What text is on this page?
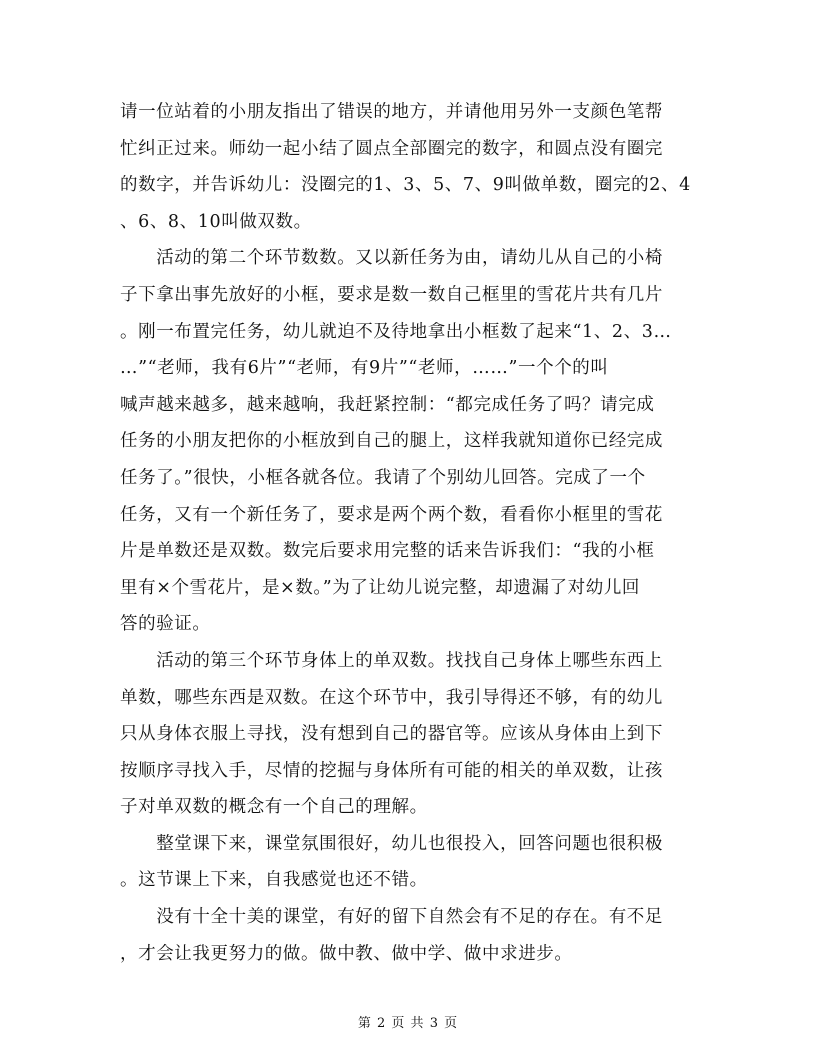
请一位站着的小朋友指出了错误的地方，并请他用另外一支颜色笔帮
忙纠正过来。师幼一起小结了圆点全部圈完的数字，和圆点没有圈完
的数字，并告诉幼儿：没圈完的1、3、5、7、9叫做单数，圈完的2、4
、6、8、10叫做双数。
　　活动的第二个环节数数。又以新任务为由，请幼儿从自己的小椅
子下拿出事先放好的小框，要求是数一数自己框里的雪花片共有几片
。刚一布置完任务，幼儿就迫不及待地拿出小框数了起来“1、2、3…
…”“老师，我有6片”“老师，有9片”“老师，……”一个个的叫
喊声越来越多，越来越响，我赶紧控制：“都完成任务了吗？请完成
任务的小朋友把你的小框放到自己的腿上，这样我就知道你已经完成
任务了。”很快，小框各就各位。我请了个别幼儿回答。完成了一个
任务，又有一个新任务了，要求是两个两个数，看看你小框里的雪花
片是单数还是双数。数完后要求用完整的话来告诉我们：“我的小框
里有×个雪花片，是×数。”为了让幼儿说完整，却遗漏了对幼儿回
答的验证。
　　活动的第三个环节身体上的单双数。找找自己身体上哪些东西上
单数，哪些东西是双数。在这个环节中，我引导得还不够，有的幼儿
只从身体衣服上寻找，没有想到自己的器官等。应该从身体由上到下
按顺序寻找入手，尽情的挖掘与身体所有可能的相关的单双数，让孩
子对单双数的概念有一个自己的理解。
　　整堂课下来，课堂氛围很好，幼儿也很投入，回答问题也很积极
。这节课上下来，自我感觉也还不错。
　　没有十全十美的课堂，有好的留下自然会有不足的存在。有不足
，才会让我更努力的做。做中教、做中学、做中求进步。
第 2 页 共 3 页
